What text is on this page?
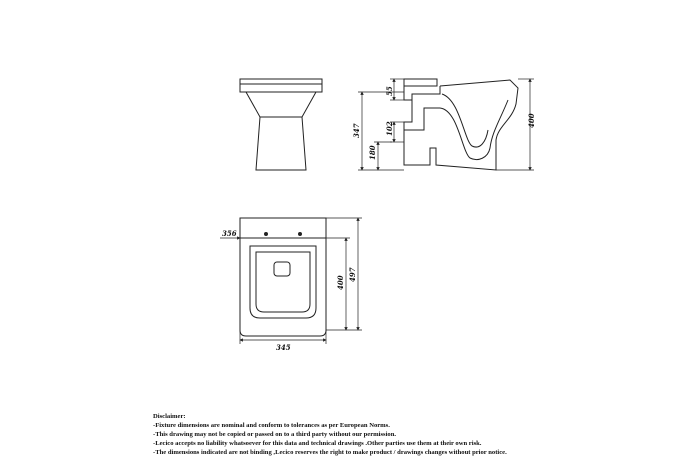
400
55
347	102
180
356
400
497
345
Disclaimer:
-Fixture dimensions are nominal and conform to tolerances as per European Norms.
-This drawing may not be copied or passed on to a third party without our permission.
-Lecico accepts no liability whatsoever for this data and technical drawings .Other parties use them at their own risk.
-The dimensions indicated are not binding ,Lecico reserves the right to make product / drawings changes without prior notice.
